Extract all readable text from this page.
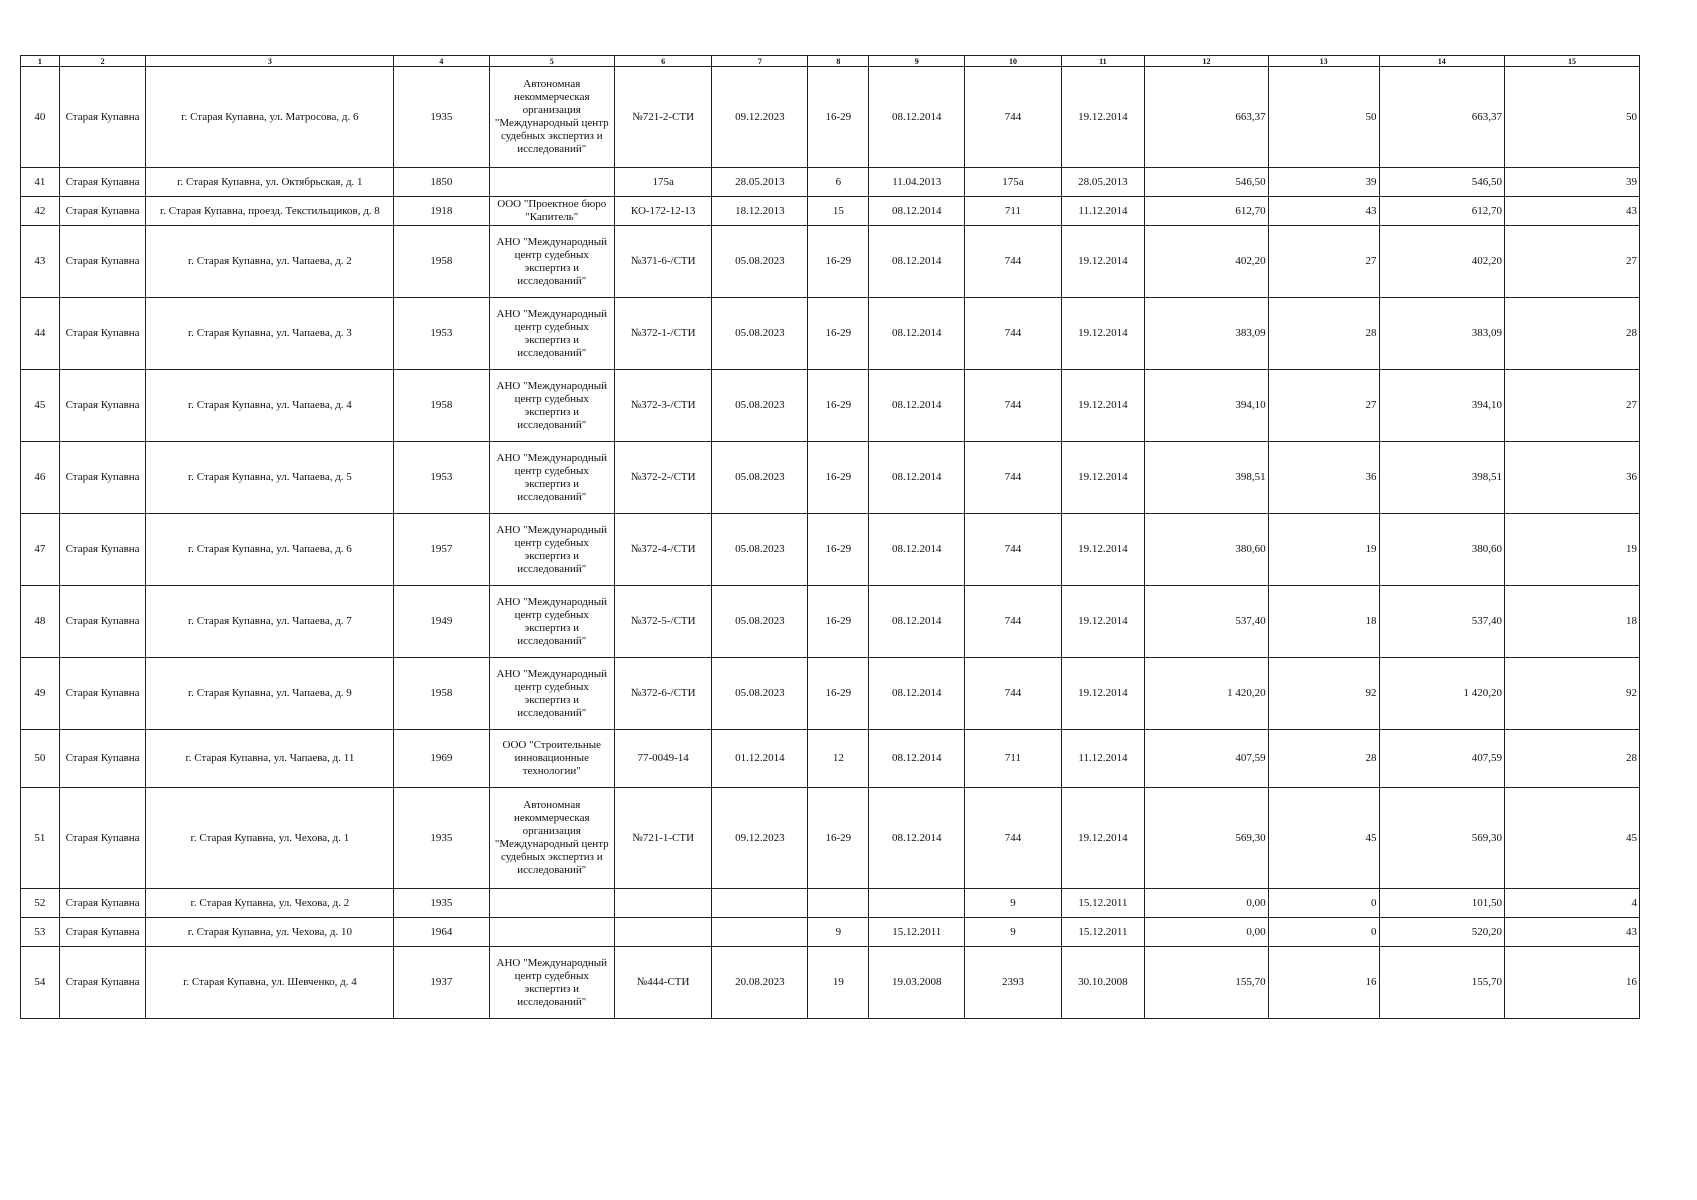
1	2	3	4	5	6	7	8	9	10	11	12	13	14	15
40	Старая Купавна	г. Старая Купавна, ул. Матросова, д. 6	1935	Автономная некоммерческая организация "Международный центр судебных экспертиз и исследований"	№721-2-СТИ	09.12.2023	16-29	08.12.2014	744	19.12.2014	663,37	50	663,37	50
41	Старая Купавна	г. Старая Купавна, ул. Октябрьская, д. 1	1850		175а	28.05.2013	6	11.04.2013	175а	28.05.2013	546,50	39	546,50	39
42	Старая Купавна	г. Старая Купавна, проезд. Текстильщиков, д. 8	1918	ООО "Проектное бюро "Капитель"	КО-172-12-13	18.12.2013	15	08.12.2014	711	11.12.2014	612,70	43	612,70	43
43	Старая Купавна	г. Старая Купавна, ул. Чапаева, д. 2	1958	АНО "Международный центр судебных экспертиз и исследований"	№371-6-/СТИ	05.08.2023	16-29	08.12.2014	744	19.12.2014	402,20	27	402,20	27
44	Старая Купавна	г. Старая Купавна, ул. Чапаева, д. 3	1953	АНО "Международный центр судебных экспертиз и исследований"	№372-1-/СТИ	05.08.2023	16-29	08.12.2014	744	19.12.2014	383,09	28	383,09	28
45	Старая Купавна	г. Старая Купавна, ул. Чапаева, д. 4	1958	АНО "Международный центр судебных экспертиз и исследований"	№372-3-/СТИ	05.08.2023	16-29	08.12.2014	744	19.12.2014	394,10	27	394,10	27
46	Старая Купавна	г. Старая Купавна, ул. Чапаева, д. 5	1953	АНО "Международный центр судебных экспертиз и исследований"	№372-2-/СТИ	05.08.2023	16-29	08.12.2014	744	19.12.2014	398,51	36	398,51	36
47	Старая Купавна	г. Старая Купавна, ул. Чапаева, д. 6	1957	АНО "Международный центр судебных экспертиз и исследований"	№372-4-/СТИ	05.08.2023	16-29	08.12.2014	744	19.12.2014	380,60	19	380,60	19
48	Старая Купавна	г. Старая Купавна, ул. Чапаева, д. 7	1949	АНО "Международный центр судебных экспертиз и исследований"	№372-5-/СТИ	05.08.2023	16-29	08.12.2014	744	19.12.2014	537,40	18	537,40	18
49	Старая Купавна	г. Старая Купавна, ул. Чапаева, д. 9	1958	АНО "Международный центр судебных экспертиз и исследований"	№372-6-/СТИ	05.08.2023	16-29	08.12.2014	744	19.12.2014	1 420,20	92	1 420,20	92
50	Старая Купавна	г. Старая Купавна, ул. Чапаева, д. 11	1969	ООО "Строительные инновационные технологии"	77-0049-14	01.12.2014	12	08.12.2014	711	11.12.2014	407,59	28	407,59	28
51	Старая Купавна	г. Старая Купавна, ул. Чехова, д. 1	1935	Автономная некоммерческая организация "Международный центр судебных экспертиз и исследований"	№721-1-СТИ	09.12.2023	16-29	08.12.2014	744	19.12.2014	569,30	45	569,30	45
52	Старая Купавна	г. Старая Купавна, ул. Чехова, д. 2	1935						9	15.12.2011	0,00	0	101,50	4
53	Старая Купавна	г. Старая Купавна, ул. Чехова, д. 10	1964				9	15.12.2011	9	15.12.2011	0,00	0	520,20	43
54	Старая Купавна	г. Старая Купавна, ул. Шевченко, д. 4	1937	АНО "Международный центр судебных экспертиз и исследований"	№444-СТИ	20.08.2023	19	19.03.2008	2393	30.10.2008	155,70	16	155,70	16
